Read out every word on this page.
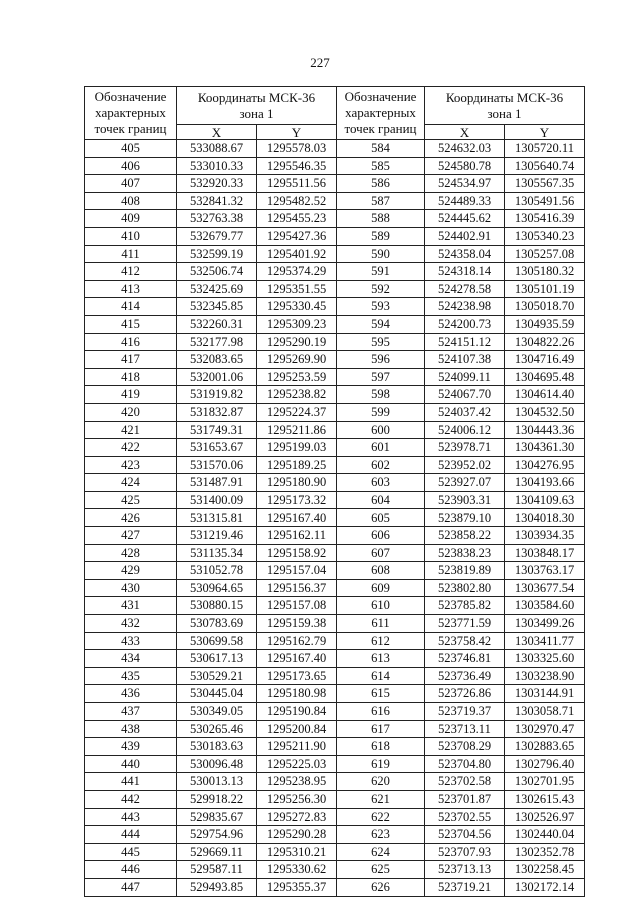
227
Обозначение
характерных
точек границ	Координаты МСК-36
зона 1		Обозначение
характерных
точек границ	Координаты МСК-36
зона 1	

	X	Y		X	Y
405	533088.67	1295578.03	584	524632.03	1305720.11
406	533010.33	1295546.35	585	524580.78	1305640.74
407	532920.33	1295511.56	586	524534.97	1305567.35
408	532841.32	1295482.52	587	524489.33	1305491.56
409	532763.38	1295455.23	588	524445.62	1305416.39
410	532679.77	1295427.36	589	524402.91	1305340.23
411	532599.19	1295401.92	590	524358.04	1305257.08
412	532506.74	1295374.29	591	524318.14	1305180.32
413	532425.69	1295351.55	592	524278.58	1305101.19
414	532345.85	1295330.45	593	524238.98	1305018.70
415	532260.31	1295309.23	594	524200.73	1304935.59
416	532177.98	1295290.19	595	524151.12	1304822.26
417	532083.65	1295269.90	596	524107.38	1304716.49
418	532001.06	1295253.59	597	524099.11	1304695.48
419	531919.82	1295238.82	598	524067.70	1304614.40
420	531832.87	1295224.37	599	524037.42	1304532.50
421	531749.31	1295211.86	600	524006.12	1304443.36
422	531653.67	1295199.03	601	523978.71	1304361.30
423	531570.06	1295189.25	602	523952.02	1304276.95
424	531487.91	1295180.90	603	523927.07	1304193.66
425	531400.09	1295173.32	604	523903.31	1304109.63
426	531315.81	1295167.40	605	523879.10	1304018.30
427	531219.46	1295162.11	606	523858.22	1303934.35
428	531135.34	1295158.92	607	523838.23	1303848.17
429	531052.78	1295157.04	608	523819.89	1303763.17
430	530964.65	1295156.37	609	523802.80	1303677.54
431	530880.15	1295157.08	610	523785.82	1303584.60
432	530783.69	1295159.38	611	523771.59	1303499.26
433	530699.58	1295162.79	612	523758.42	1303411.77
434	530617.13	1295167.40	613	523746.81	1303325.60
435	530529.21	1295173.65	614	523736.49	1303238.90
436	530445.04	1295180.98	615	523726.86	1303144.91
437	530349.05	1295190.84	616	523719.37	1303058.71
438	530265.46	1295200.84	617	523713.11	1302970.47
439	530183.63	1295211.90	618	523708.29	1302883.65
440	530096.48	1295225.03	619	523704.80	1302796.40
441	530013.13	1295238.95	620	523702.58	1302701.95
442	529918.22	1295256.30	621	523701.87	1302615.43
443	529835.67	1295272.83	622	523702.55	1302526.97
444	529754.96	1295290.28	623	523704.56	1302440.04
445	529669.11	1295310.21	624	523707.93	1302352.78
446	529587.11	1295330.62	625	523713.13	1302258.45
447	529493.85	1295355.37	626	523719.21	1302172.14
